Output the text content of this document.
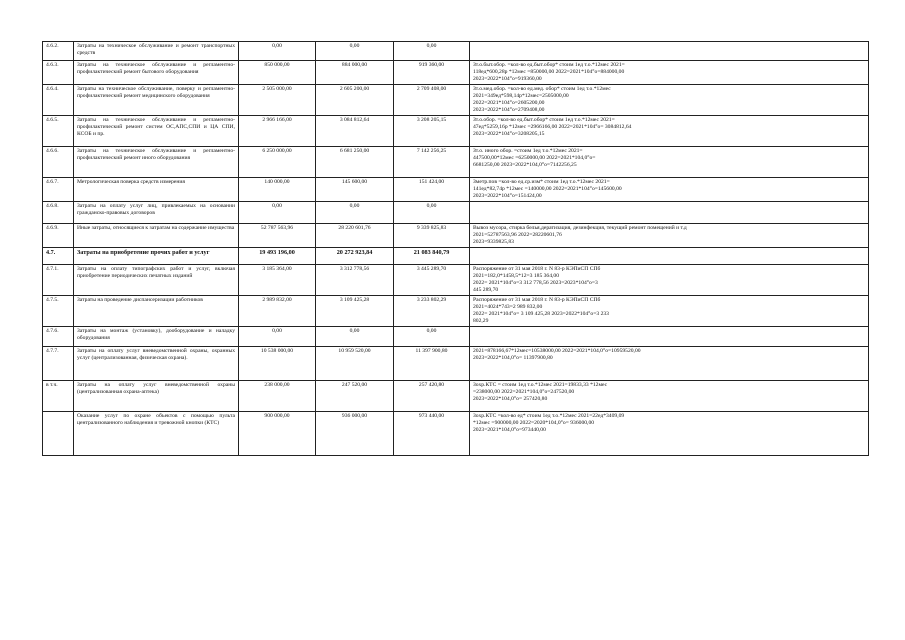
4.6.2.	Затраты на техническое обслуживание и ремонт транспортных средств	0,00	0,00	0,00	
4.6.3.	Затраты на техническое обслуживание и регламентно-профилактический ремонт бытового оборудования	850 000,00	884 000,00	919 360,00	Зт.о.быт.обор. =кол-во ед.быт.обор* стоим 1ед т.о.*12мес 2021=
118ед*600,28р *12мес =850000,00 2022=2021*104°о=884000,00
2023=2022*104°о=919360,00

4.6.4.	Затраты на техническое обслуживание, поверку и регламентно-профилактический ремонт медицинского оборудования	2 505 000,00	2 605 200,00	2 709 408,00	Зт.о.мед.обор. =кол-во ед.мед. обор* стоим 1ед т.о.*12мес
2021=349ед*598,14р*12мес=2505000,00
2022=2021*104°о=2605200,00
2023=2022*104°о=2709408,00

4.6.5.	Затраты на техническое обслуживание и регламентно-профилактический ремонт систем ОС,АПС,СПИ и ЦА СПИ, КСОБ и пр.	2 966 166,00	3 084 812,64	3 208 205,15	Зт.о.обор. =кол-во ед.быт.обор* стоим 1ед т.о.*12мес 2021=
47ед*5259,16р *12мес =2966166,00 2022=2021*104°о= 3084812,64
2023=2022*104°о=3208205,15

4.6.6.	Затраты на техническое обслуживание и регламентно-профилактический ремонт иного оборудования	6 250 000,00	6 681 250,00	7 142 256,25	Зт.о. иного обор. =стоим 1ед т.о.*12мес 2021=
447500,00*12мес =6250000,00 2022=2021*104,0°о=
6681250,00 2023=2022*104,0°о=7142256,25

4.6.7.	Метрологическая поверка средств измерения	140 000,00	145 600,00	151 424,00	Зметр.пов =кол-во ед.ср.изм* стоим 1ед т.о.*12мес 2021=
141ед*82,74р *12мес =140000,00 2022=2021*104°о=145600,00
2023=2022*104°о=151424,00

4.6.8.	Затраты на оплату услуг лиц, привлекаемых на основании гражданско-правовых договоров	0,00	0,00	0,00	
4.6.9.	Иные затраты, относящиеся к затратам на содержание имущества	52 787 563,96	28 220 601,76	9 339 825,83	Вывоз мусора, стирка белья,дератизация, дезинфекция, текущий ремонт помещений и т.д
2021=52787563,96 2022=28220601,76
2023=9339825,83

4.7.	Затраты на приобретение прочих работ и услуг	19 493 196,00	20 272 923,84	21 083 840,79	
4.7.1.	Затраты на оплату типографских работ и услуг, включая приобретение периодических печатных изданий	3 185 364,00	3 312 778,56	3 445 289,70	Распоряжение от 31 мая 2018 г. N 83-р КЭПиСП СПб
2021=182,0*1458,5*12=3 185 364,00
2022= 2021*104°о=3 312 778,56 2023=2023*104°о=3
445 289,70

4.7.5.	Затраты на проведение диспансеризации работников	2 989 832,00	3 109 425,28	3 233 802,29	Распоряжение от 31 мая 2018 г. N 83-р КЭПиСП СПб
2021=4024*743=2 989 832,00
2022= 2021*104°о= 3 109 425,28 2023=2022*104°о=3 233
802,29

4.7.6.	Затраты на монтаж (установку), дооборудование и наладку оборудования	0,00	0,00	0,00	
4.7.7.	Затраты на оплату услуг вневедомственной охраны, охранных услуг (централизованная, физическая охрана).	10 538 000,00	10 959 520,00	11 397 900,80	2021=878166,67*12мес=10538000,00 2022=2021*104,0°о=10959520,00
2023=2022*104,0°о= 11397900,80

в т.ч.	Затраты на оплату услуг вневедомственной охраны (централизованная охрана-аптека)	238 000,00	247 520,00	257 420,80	Зохр.КТС = стоим 1ед т.о.*12мес 2021=19833,33 *12мес
=238000,00 2022=2021*104,0°о=247520,00
2023=2022*104,0°о= 257420,80

	Оказание услуг по охране объектов с помощью пульта централизованного наблюдения и тревожной кнопки (КТС)	900 000,00	936 000,00	973 440,00	Зохр.КТС =кол-во ед* стоим 1ед т.о.*12мес 2021=22ед*3409,09
*12мес =900000,00 2022=2020*104,0°о= 936000,00
2023=2021*104,0°о=973440,00
